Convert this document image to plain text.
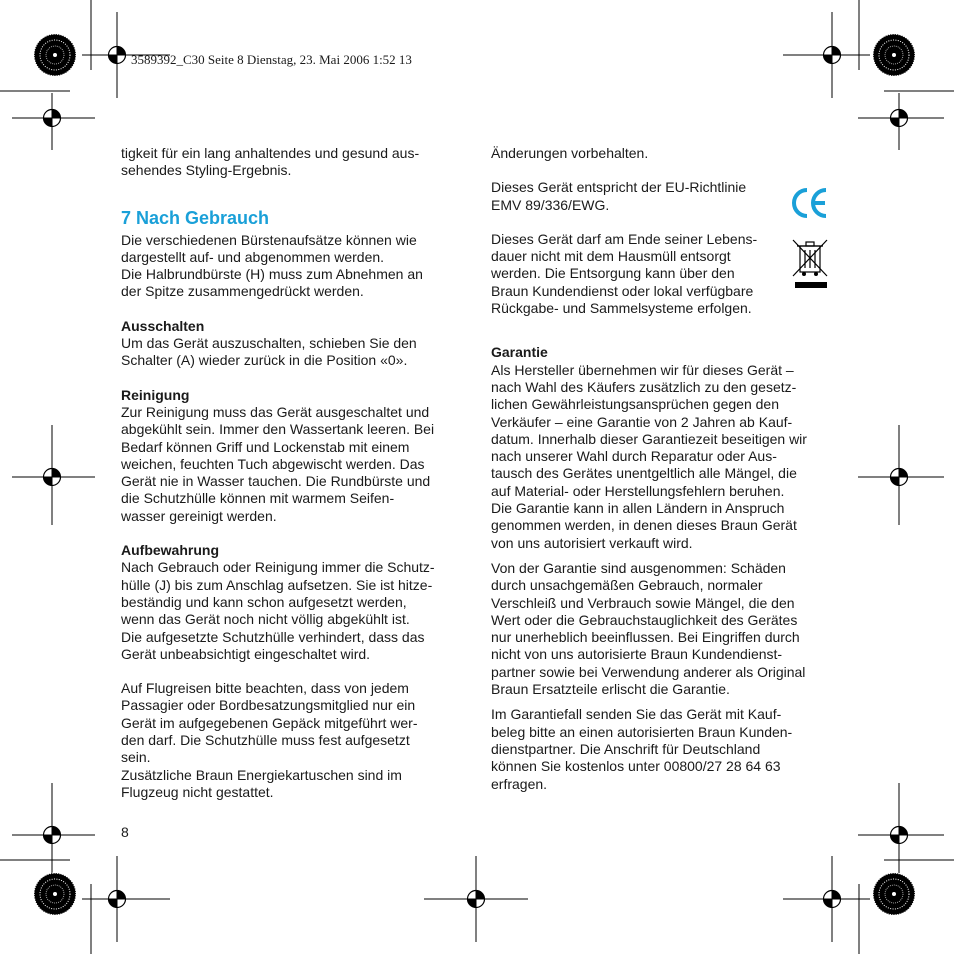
3589392_C30 Seite 8 Dienstag, 23. Mai 2006 1:52 13

tigkeit für ein lang anhaltendes und gesund aus-
sehendes Styling-Ergebnis.

7 Nach Gebrauch

Die verschiedenen Bürstenaufsätze können wie
dargestellt auf- und abgenommen werden.
Die Halbrundbürste (H) muss zum Abnehmen an
der Spitze zusammengedrückt werden.

Ausschalten

Um das Gerät auszuschalten, schieben Sie den
Schalter (A) wieder zurück in die Position «0».

Reinigung

Zur Reinigung muss das Gerät ausgeschaltet und
abgekühlt sein. Immer den Wassertank leeren. Bei
Bedarf können Griff und Lockenstab mit einem
weichen, feuchten Tuch abgewischt werden. Das
Gerät nie in Wasser tauchen. Die Rundbürste und
die Schutzhülle können mit warmem Seifen-
wasser gereinigt werden.

Aufbewahrung

Nach Gebrauch oder Reinigung immer die Schutz-
hülle (J) bis zum Anschlag aufsetzen. Sie ist hitze-
beständig und kann schon aufgesetzt werden,
wenn das Gerät noch nicht völlig abgekühlt ist.
Die aufgesetzte Schutzhülle verhindert, dass das
Gerät unbeabsichtigt eingeschaltet wird.

Auf Flugreisen bitte beachten, dass von jedem
Passagier oder Bordbesatzungsmitglied nur ein
Gerät im aufgegebenen Gepäck mitgeführt wer-
den darf. Die Schutzhülle muss fest aufgesetzt
sein.
Zusätzliche Braun Energiekartuschen sind im
Flugzeug nicht gestattet.

Änderungen vorbehalten.

Dieses Gerät entspricht der EU-Richtlinie
EMV 89/336/EWG.

Dieses Gerät darf am Ende seiner Lebens-
dauer nicht mit dem Hausmüll entsorgt
werden. Die Entsorgung kann über den
Braun Kundendienst oder lokal verfügbare
Rückgabe- und Sammelsysteme erfolgen.

Garantie

Als Hersteller übernehmen wir für dieses Gerät –
nach Wahl des Käufers zusätzlich zu den gesetz-
lichen Gewährleistungsansprüchen gegen den
Verkäufer – eine Garantie von 2 Jahren ab Kauf-
datum. Innerhalb dieser Garantiezeit beseitigen wir
nach unserer Wahl durch Reparatur oder Aus-
tausch des Gerätes unentgeltlich alle Mängel, die
auf Material- oder Herstellungsfehlern beruhen.
Die Garantie kann in allen Ländern in Anspruch
genommen werden, in denen dieses Braun Gerät
von uns autorisiert verkauft wird.

Von der Garantie sind ausgenommen: Schäden
durch unsachgemäßen Gebrauch, normaler
Verschleiß und Verbrauch sowie Mängel, die den
Wert oder die Gebrauchstauglichkeit des Gerätes
nur unerheblich beeinflussen. Bei Eingriffen durch
nicht von uns autorisierte Braun Kundendienst-
partner sowie bei Verwendung anderer als Original
Braun Ersatzteile erlischt die Garantie.

Im Garantiefall senden Sie das Gerät mit Kauf-
beleg bitte an einen autorisierten Braun Kunden-
dienstpartner. Die Anschrift für Deutschland
können Sie kostenlos unter 00800/27 28 64 63
erfragen.

8
